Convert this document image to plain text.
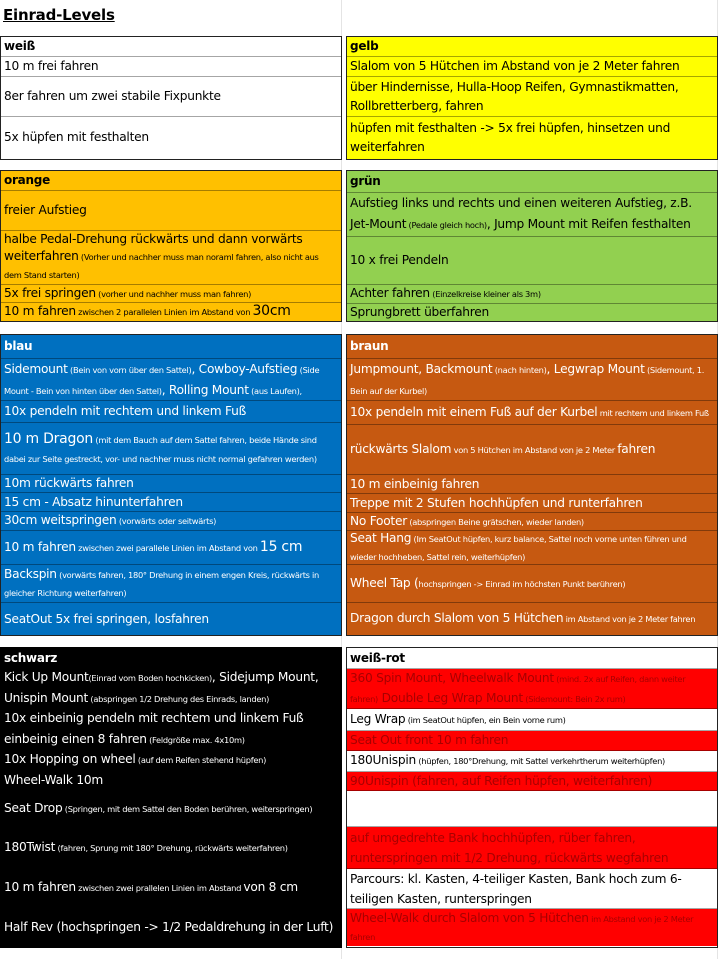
Einrad-Levels
weiß
10 m frei fahren
8er fahren um zwei stabile Fixpunkte
5x hüpfen mit festhalten
gelb
Slalom von 5 Hütchen im Abstand von je 2 Meter fahren
über Hindernisse, Hulla-Hoop Reifen, Gymnastikmatten, Rollbretterberg, fahren
hüpfen mit festhalten -> 5x frei hüpfen, hinsetzen und weiterfahren
orange
freier Aufstieg
halbe Pedal-Drehung rückwärts und dann vorwärts weiterfahren (Vorher und nachher muss man noraml fahren, also nicht aus dem Stand starten)
5x frei springen (vorher und nachher muss man fahren)
10 m fahren zwischen 2 parallelen Linien im Abstand von 30cm
grün
Aufstieg links und rechts und einen weiteren Aufstieg, z.B. Jet-Mount (Pedale gleich hoch), Jump Mount mit Reifen festhalten
10 x frei Pendeln
Achter fahren (Einzelkreise kleiner als 3m)
Sprungbrett überfahren
blau
Sidemount (Bein von vorn über den Sattel), Cowboy-Aufstieg (Side Mount - Bein von hinten über den Sattel), Rolling Mount (aus Laufen),
10x pendeln mit rechtem und linkem Fuß
10 m Dragon (mit dem Bauch auf dem Sattel fahren, beide Hände sind dabei zur Seite gestreckt, vor- und nachher muss nicht normal gefahren werden)
10m rückwärts fahren
15 cm - Absatz hinunterfahren
30cm weitspringen (vorwärts oder seitwärts)
10 m fahren zwischen zwei parallele Linien im Abstand von 15 cm
Backspin (vorwärts fahren, 180° Drehung in einem engen Kreis, rückwärts in gleicher Richtung weiterfahren)
SeatOut 5x frei springen, losfahren
braun
Jumpmount, Backmount (nach hinten), Legwrap Mount (Sidemount, 1. Bein auf der Kurbel)
10x pendeln mit einem Fuß auf der Kurbel mit rechtem und linkem Fuß
rückwärts Slalom von 5 Hütchen im Abstand von je 2 Meter fahren
10 m einbeinig fahren
Treppe mit 2 Stufen hochhüpfen und runterfahren
No Footer (abspringen Beine grätschen, wieder landen)
Seat Hang (Im SeatOut hüpfen, kurz balance, Sattel noch vorne unten führen und wieder hochheben, Sattel rein, weiterhüpfen)
Wheel Tap (hochspringen -> Einrad im höchsten Punkt berühren)
Dragon durch Slalom von 5 Hütchen im Abstand von je 2 Meter fahren
schwarz
Kick Up Mount(Einrad vom Boden hochkicken), Sidejump Mount, Unispin Mount (abspringen 1/2 Drehung des Einrads, landen)
10x einbeinig pendeln mit rechtem und linkem Fuß
einbeinig einen 8 fahren (Feldgröße max. 4x10m)
10x Hopping on wheel (auf dem Reifen stehend hüpfen)
Wheel-Walk 10m
Seat Drop (Springen, mit dem Sattel den Boden berühren, weiterspringen)
180Twist (fahren, Sprung mit 180° Drehung, rückwärts weiterfahren)
10 m fahren zwischen zwei prallelen Linien im Abstand von 8 cm
Half Rev (hochspringen -> 1/2 Pedaldrehung in der Luft)
weiß-rot
360 Spin Mount, Wheelwalk Mount (mind. 2x auf Reifen, dann weiter fahren) Double Leg Wrap Mount (Sidemount: Bein 2x rum)
Leg Wrap (im SeatOut hüpfen, ein Bein vorne rum)
Seat Out front 10 m fahren
180Unispin (hüpfen, 180°Drehung, mit Sattel verkehrtherum weiterhüpfen)
90Unispin (fahren, auf Reifen hüpfen, weiterfahren)
auf umgedrehte Bank hochhüpfen, rüber fahren, runterspringen mit 1/2 Drehung, rückwärts wegfahren
Parcours: kl. Kasten, 4-teiliger Kasten, Bank hoch zum 6-teiligen Kasten, runterspringen
Wheel-Walk durch Slalom von 5 Hütchen im Abstand von je 2 Meter fahren
